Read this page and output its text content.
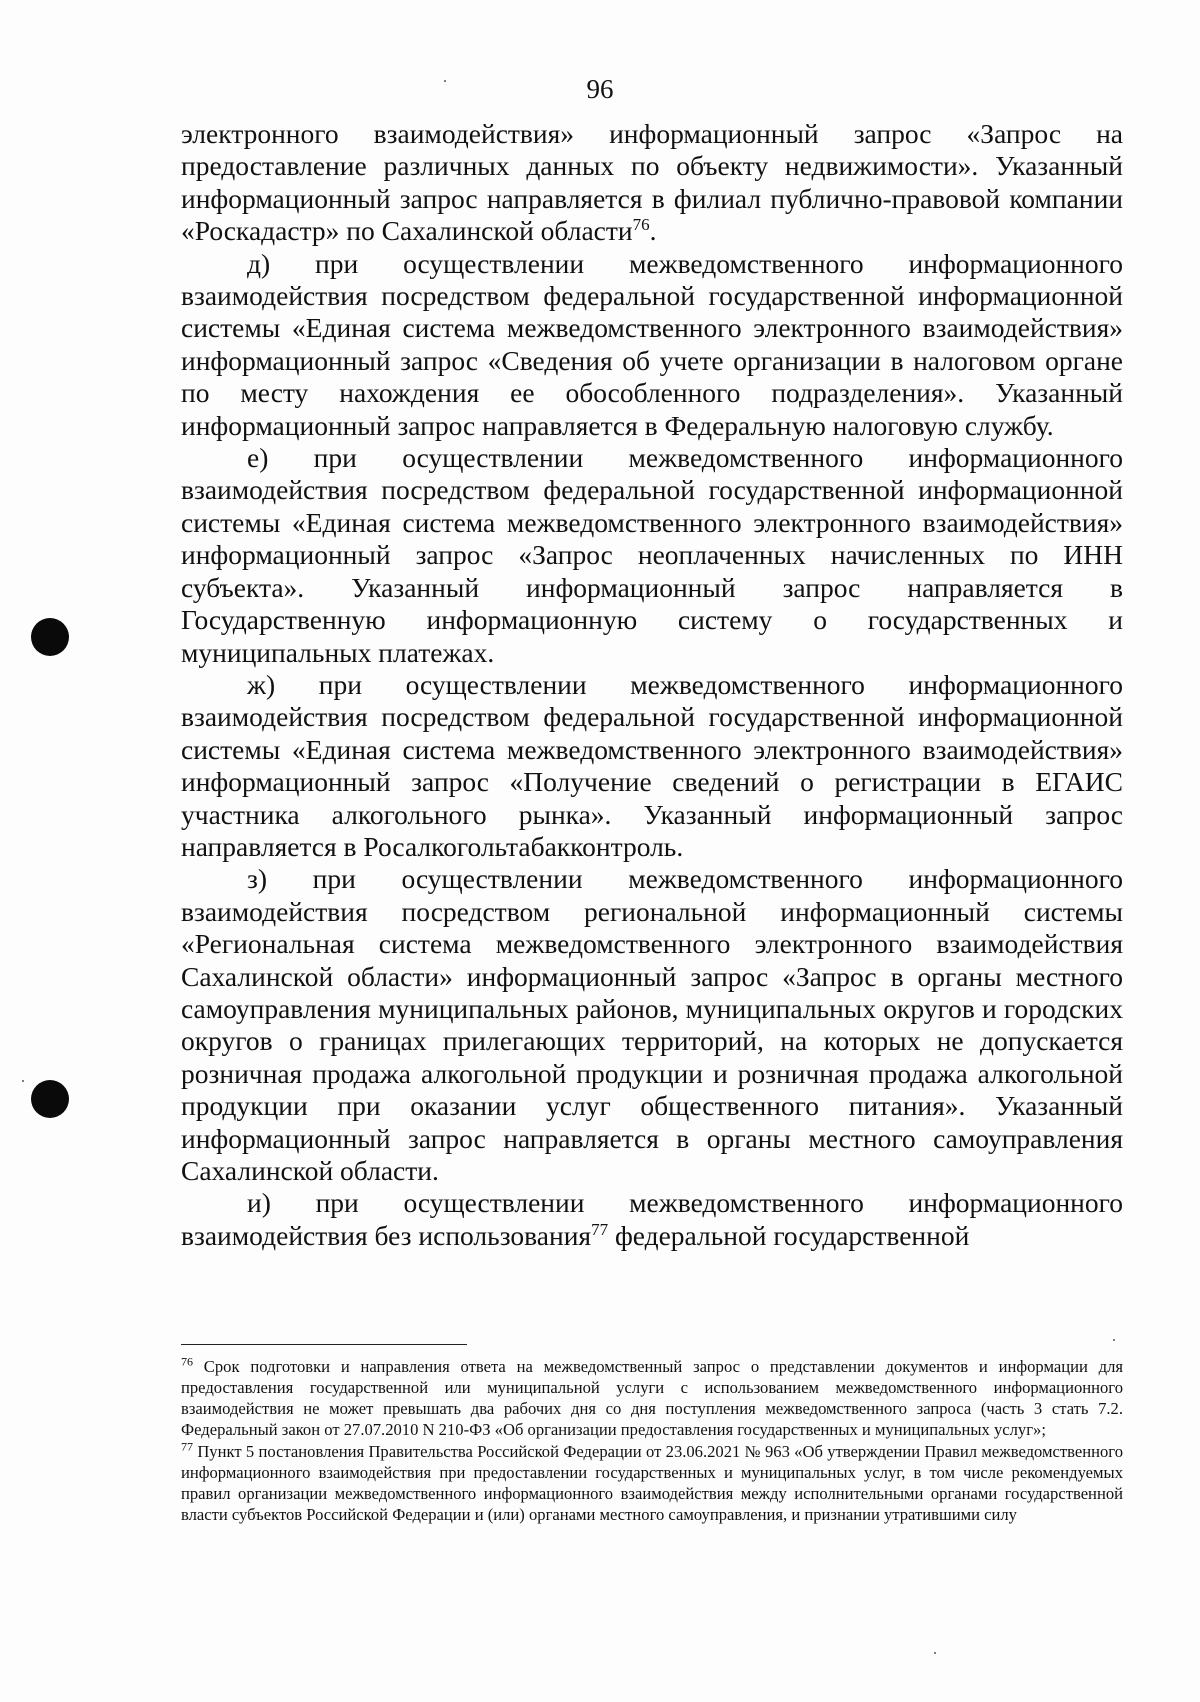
96

электронного взаимодействия» информационный запрос «Запрос на предоставление различных данных по объекту недвижимости». Указанный информационный запрос направляется в филиал публично-правовой компании «Роскадастр» по Сахалинской области$^{76}$.

д) при осуществлении межведомственного информационного взаимодействия посредством федеральной государственной информационной системы «Единая система межведомственного электронного взаимодействия» информационный запрос «Сведения об учете организации в налоговом органе по месту нахождения ее обособленного подразделения». Указанный информационный запрос направляется в Федеральную налоговую службу.

е) при осуществлении межведомственного информационного взаимодействия посредством федеральной государственной информационной системы «Единая система межведомственного электронного взаимодействия» информационный запрос «Запрос неоплаченных начисленных по ИНН субъекта». Указанный информационный запрос направляется в Государственную информационную систему о государственных и муниципальных платежах.

ж) при осуществлении межведомственного информационного взаимодействия посредством федеральной государственной информационной системы «Единая система межведомственного электронного взаимодействия» информационный запрос «Получение сведений о регистрации в ЕГАИС участника алкогольного рынка». Указанный информационный запрос направляется в Росалкогольтабакконтроль.

з) при осуществлении межведомственного информационного взаимодействия посредством региональной информационный системы «Региональная система межведомственного электронного взаимодействия Сахалинской области» информационный запрос «Запрос в органы местного самоуправления муниципальных районов, муниципальных округов и городских округов о границах прилегающих территорий, на которых не допускается розничная продажа алкогольной продукции и розничная продажа алкогольной продукции при оказании услуг общественного питания». Указанный информационный запрос направляется в органы местного самоуправления Сахалинской области.

и) при осуществлении межведомственного информационного взаимодействия без использования$^{77}$ федеральной государственной

$^{76}$ Срок подготовки и направления ответа на межведомственный запрос о представлении документов и информации для предоставления государственной или муниципальной услуги с использованием межведомственного информационного взаимодействия не может превышать два рабочих дня со дня поступления межведомственного запроса (часть 3 стать 7.2. Федеральный закон от 27.07.2010 N 210-ФЗ «Об организации предоставления государственных и муниципальных услуг»;

$^{77}$ Пункт 5 постановления Правительства Российской Федерации от 23.06.2021 № 963 «Об утверждении Правил межведомственного информационного взаимодействия при предоставлении государственных и муниципальных услуг, в том числе рекомендуемых правил организации межведомственного информационного взаимодействия между исполнительными органами государственной власти субъектов Российской Федерации и (или) органами местного самоуправления, и признании утратившими силу
